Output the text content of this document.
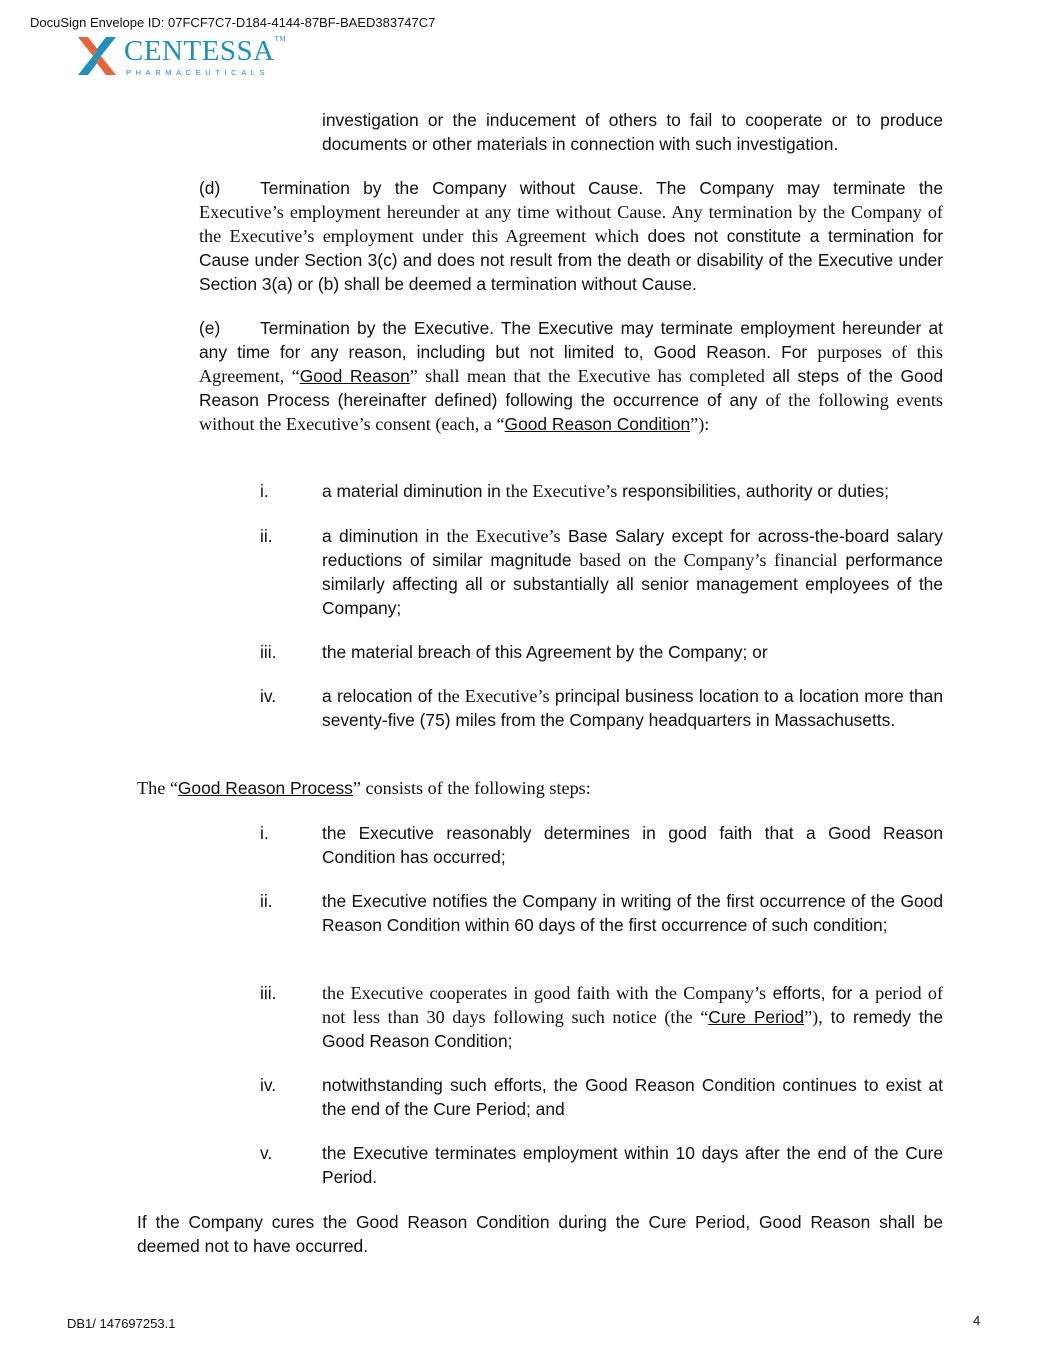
DocuSign Envelope ID: 07FCF7C7-D184-4144-87BF-BAED383747C7
CENTESSA™
PHARMACEUTICALS

investigation or the inducement of others to fail to cooperate or to produce documents or other materials in connection with such investigation.

(d) Termination by the Company without Cause. The Company may terminate the Executive’s employment hereunder at any time without Cause. Any termination by the Company of the Executive’s employment under this Agreement which does not constitute a termination for Cause under Section 3(c) and does not result from the death or disability of the Executive under Section 3(a) or (b) shall be deemed a termination without Cause.

(e) Termination by the Executive. The Executive may terminate employment hereunder at any time for any reason, including but not limited to, Good Reason. For purposes of this Agreement, “Good Reason” shall mean that the Executive has completed all steps of the Good Reason Process (hereinafter defined) following the occurrence of any of the following events without the Executive’s consent (each, a “Good Reason Condition”):

i.	a material diminution in the Executive’s responsibilities, authority or duties;

ii.	a diminution in the Executive’s Base Salary except for across-the-board salary reductions of similar magnitude based on the Company’s financial performance similarly affecting all or substantially all senior management employees of the Company;

iii.	the material breach of this Agreement by the Company; or

iv.	a relocation of the Executive’s principal business location to a location more than seventy-five (75) miles from the Company headquarters in Massachusetts.

The “Good Reason Process” consists of the following steps:

i.	the Executive reasonably determines in good faith that a Good Reason Condition has occurred;

ii.	the Executive notifies the Company in writing of the first occurrence of the Good Reason Condition within 60 days of the first occurrence of such condition;

iii.	the Executive cooperates in good faith with the Company’s efforts, for a period of not less than 30 days following such notice (the “Cure Period”), to remedy the Good Reason Condition;

iv.	notwithstanding such efforts, the Good Reason Condition continues to exist at the end of the Cure Period; and

v.	the Executive terminates employment within 10 days after the end of the Cure Period.

If the Company cures the Good Reason Condition during the Cure Period, Good Reason shall be deemed not to have occurred.

DB1/ 147697253.1	4
